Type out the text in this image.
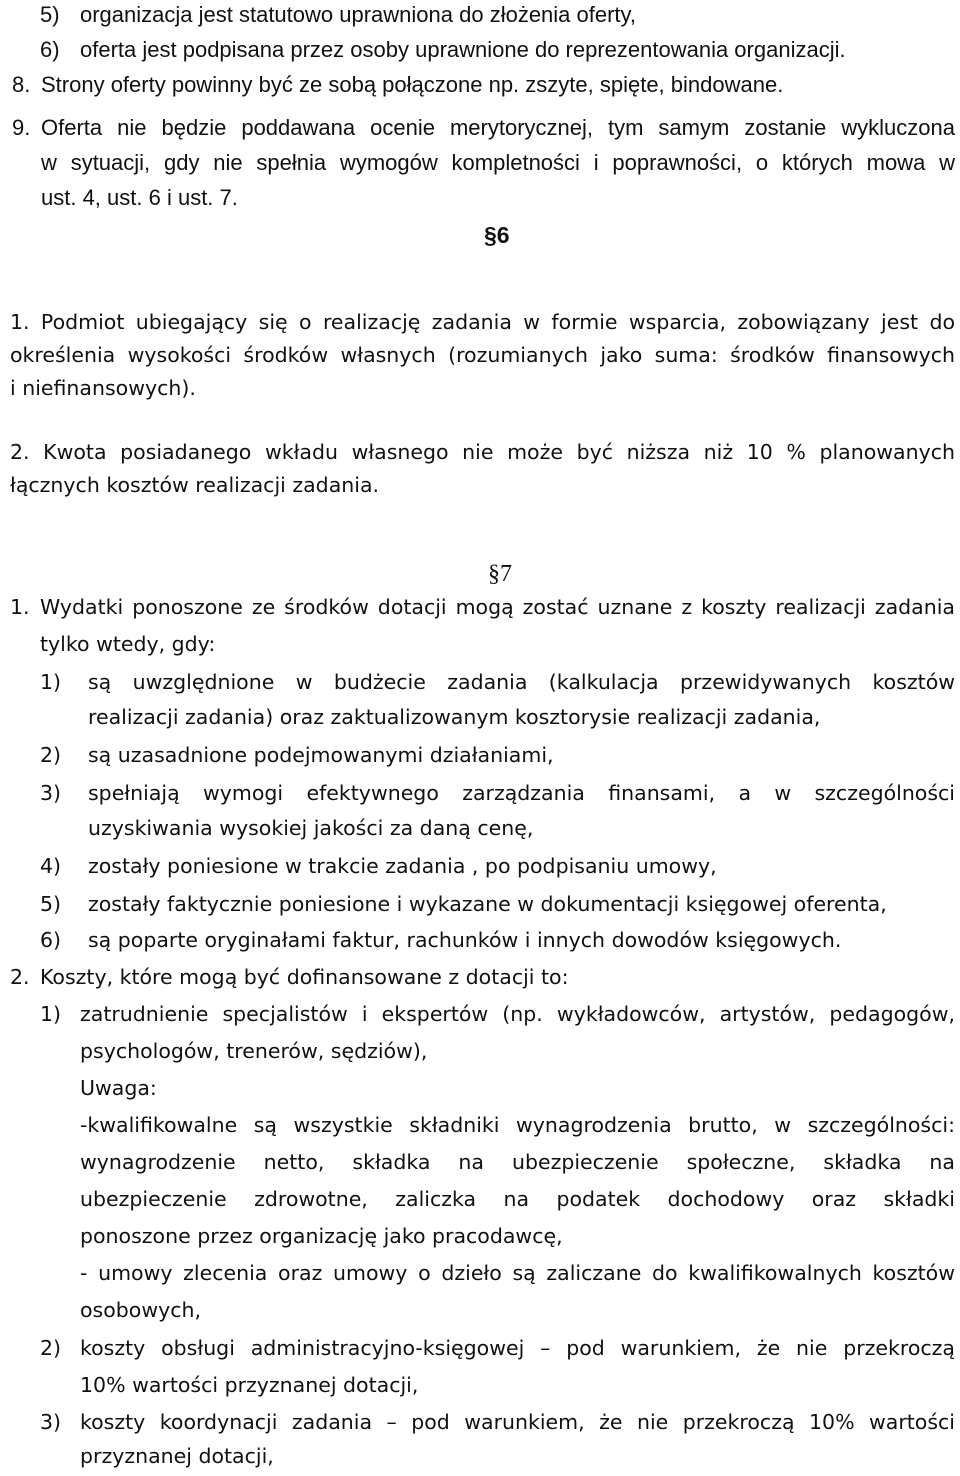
5) organizacja jest statutowo uprawniona do złożenia oferty,
6) oferta jest podpisana przez osoby uprawnione do reprezentowania organizacji.
8. Strony oferty powinny być ze sobą połączone np. zszyte, spięte, bindowane.
9. Oferta nie będzie poddawana ocenie merytorycznej, tym samym zostanie wykluczona
w sytuacji, gdy nie spełnia wymogów kompletności i poprawności, o których mowa w
ust. 4, ust. 6 i ust. 7.
§6
1. Podmiot ubiegający się o realizację zadania w formie wsparcia, zobowiązany jest do
określenia wysokości środków własnych (rozumianych jako suma: środków finansowych
i niefinansowych).
2. Kwota posiadanego wkładu własnego nie może być niższa niż 10 % planowanych
łącznych kosztów realizacji zadania.
§7
1. Wydatki ponoszone ze środków dotacji mogą zostać uznane z koszty realizacji zadania
tylko wtedy, gdy:
1) są uwzględnione w budżecie zadania (kalkulacja przewidywanych kosztów
realizacji zadania) oraz zaktualizowanym kosztorysie realizacji zadania,
2) są uzasadnione podejmowanymi działaniami,
3) spełniają wymogi efektywnego zarządzania finansami, a w szczególności
uzyskiwania wysokiej jakości za daną cenę,
4) zostały poniesione w trakcie zadania , po podpisaniu umowy,
5) zostały faktycznie poniesione i wykazane w dokumentacji księgowej oferenta,
6) są poparte oryginałami faktur, rachunków i innych dowodów księgowych.
2. Koszty, które mogą być dofinansowane z dotacji to:
1) zatrudnienie specjalistów i ekspertów (np. wykładowców, artystów, pedagogów,
psychologów, trenerów, sędziów),
Uwaga:
-kwalifikowalne są wszystkie składniki wynagrodzenia brutto, w szczególności:
wynagrodzenie netto, składka na ubezpieczenie społeczne, składka na
ubezpieczenie zdrowotne, zaliczka na podatek dochodowy oraz składki
ponoszone przez organizację jako pracodawcę,
- umowy zlecenia oraz umowy o dzieło są zaliczane do kwalifikowalnych kosztów
osobowych,
2) koszty obsługi administracyjno-księgowej – pod warunkiem, że nie przekroczą
10% wartości przyznanej dotacji,
3) koszty koordynacji zadania – pod warunkiem, że nie przekroczą 10% wartości
przyznanej dotacji,
